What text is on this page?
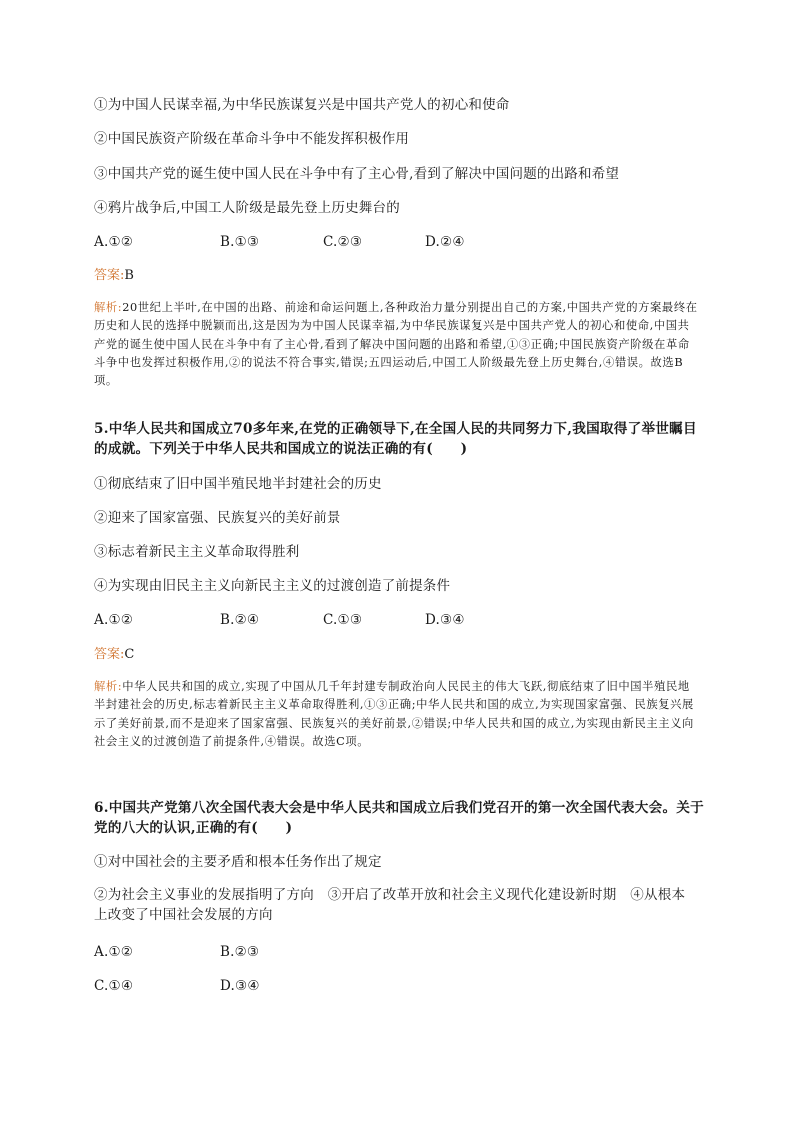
①为中国人民谋幸福,为中华民族谋复兴是中国共产党人的初心和使命
②中国民族资产阶级在革命斗争中不能发挥积极作用
③中国共产党的诞生使中国人民在斗争中有了主心骨,看到了解决中国问题的出路和希望
④鸦片战争后,中国工人阶级是最先登上历史舞台的
A.①②	B.①③	C.②③	D.②④
答案:B
解析:20世纪上半叶,在中国的出路、前途和命运问题上,各种政治力量分别提出自己的方案,中国共产党的方案最终在历史和人民的选择中脱颖而出,这是因为为中国人民谋幸福,为中华民族谋复兴是中国共产党人的初心和使命,中国共产党的诞生使中国人民在斗争中有了主心骨,看到了解决中国问题的出路和希望,①③正确;中国民族资产阶级在革命斗争中也发挥过积极作用,②的说法不符合事实,错误;五四运动后,中国工人阶级最先登上历史舞台,④错误。故选B项。
5.中华人民共和国成立70多年来,在党的正确领导下,在全国人民的共同努力下,我国取得了举世瞩目的成就。下列关于中华人民共和国成立的说法正确的有(　　)
①彻底结束了旧中国半殖民地半封建社会的历史
②迎来了国家富强、民族复兴的美好前景
③标志着新民主主义革命取得胜利
④为实现由旧民主主义向新民主主义的过渡创造了前提条件
A.①②	B.②④	C.①③	D.③④
答案:C
解析:中华人民共和国的成立,实现了中国从几千年封建专制政治向人民民主的伟大飞跃,彻底结束了旧中国半殖民地半封建社会的历史,标志着新民主主义革命取得胜利,①③正确;中华人民共和国的成立,为实现国家富强、民族复兴展示了美好前景,而不是迎来了国家富强、民族复兴的美好前景,②错误;中华人民共和国的成立,为实现由新民主主义向社会主义的过渡创造了前提条件,④错误。故选C项。
6.中国共产党第八次全国代表大会是中华人民共和国成立后我们党召开的第一次全国代表大会。关于党的八大的认识,正确的有(　　)
①对中国社会的主要矛盾和根本任务作出了规定
②为社会主义事业的发展指明了方向　③开启了改革开放和社会主义现代化建设新时期　④从根本上改变了中国社会发展的方向
A.①②	B.②③
C.①④	D.③④
